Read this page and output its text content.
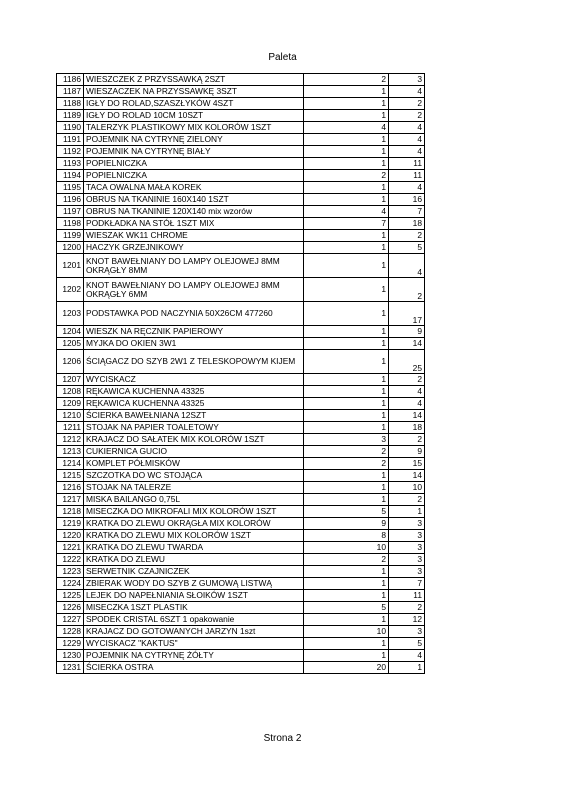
Paleta
1186	WIESZCZEK Z PRZYSSAWKĄ 2SZT	2	3
1187	WIESZACZEK NA PRZYSSAWKĘ 3SZT	1	4
1188	IGŁY DO ROLAD,SZASZŁYKÓW 4SZT	1	2
1189	IGŁY DO ROLAD 10CM 10SZT	1	2
1190	TALERZYK PLASTIKOWY MIX KOLORÓW 1SZT	4	4
1191	POJEMNIK NA CYTRYNĘ ZIELONY	1	4
1192	POJEMNIK NA CYTRYNĘ BIAŁY	1	4
1193	POPIELNICZKA	1	11
1194	POPIELNICZKA	2	11
1195	TACA OWALNA MAŁA KOREK	1	4
1196	OBRUS NA TKANINIE 160X140 1SZT	1	16
1197	OBRUS NA TKANINIE 120X140 mix wzorów	4	7
1198	PODKŁADKA NA STÓŁ 1SZT MIX	7	18
1199	WIESZAK WK11 CHROME	1	2
1200	HACZYK GRZEJNIKOWY	1	5
1201	KNOT BAWEŁNIANY DO LAMPY OLEJOWEJ 8MM OKRĄGŁY 8MM	1	4
1202	KNOT BAWEŁNIANY DO LAMPY OLEJOWEJ 8MM OKRĄGŁY 6MM	1	2
1203	PODSTAWKA POD NACZYNIA 50X26CM 477260	1	17
1204	WIESZK NA RĘCZNIK PAPIEROWY	1	9
1205	MYJKA DO OKIEN 3W1	1	14
1206	ŚCIĄGACZ DO SZYB 2W1 Z TELESKOPOWYM KIJEM	1	25
1207	WYCISKACZ	1	2
1208	RĘKAWICA KUCHENNA 43325	1	4
1209	RĘKAWICA KUCHENNA 43325	1	4
1210	ŚCIERKA BAWEŁNIANA 12SZT	1	14
1211	STOJAK NA PAPIER TOALETOWY	1	18
1212	KRAJACZ DO SAŁATEK MIX KOLORÓW 1SZT	3	2
1213	CUKIERNICA GUCIO	2	9
1214	KOMPLET PÓŁMISKÓW	2	15
1215	SZCZOTKA DO WC STOJĄCA	1	14
1216	STOJAK NA TALERZE	1	10
1217	MISKA BAILANGO 0,75L	1	2
1218	MISECZKA DO MIKROFALI MIX KOLORÓW 1SZT	5	1
1219	KRATKA DO ZLEWU OKRĄGŁA MIX KOLORÓW	9	3
1220	KRATKA DO ZLEWU MIX KOLORÓW 1SZT	8	3
1221	KRATKA DO ZLEWU TWARDA	10	3
1222	KRATKA DO ZLEWU	2	3
1223	SERWETNIK CZAJNICZEK	1	3
1224	ZBIERAK WODY DO SZYB Z GUMOWĄ LISTWĄ	1	7
1225	LEJEK DO NAPEŁNIANIA SŁOIKÓW 1SZT	1	11
1226	MISECZKA 1SZT PLASTIK	5	2
1227	SPODEK CRISTAL 6SZT 1 opakowanie	1	12
1228	KRAJACZ DO GOTOWANYCH JARZYN 1szt	10	3
1229	WYCISKACZ "KAKTUS"	1	5
1230	POJEMNIK NA CYTRYNĘ ŻÓŁTY	1	4
1231	ŚCIERKA OSTRA	20	1
Strona 2
